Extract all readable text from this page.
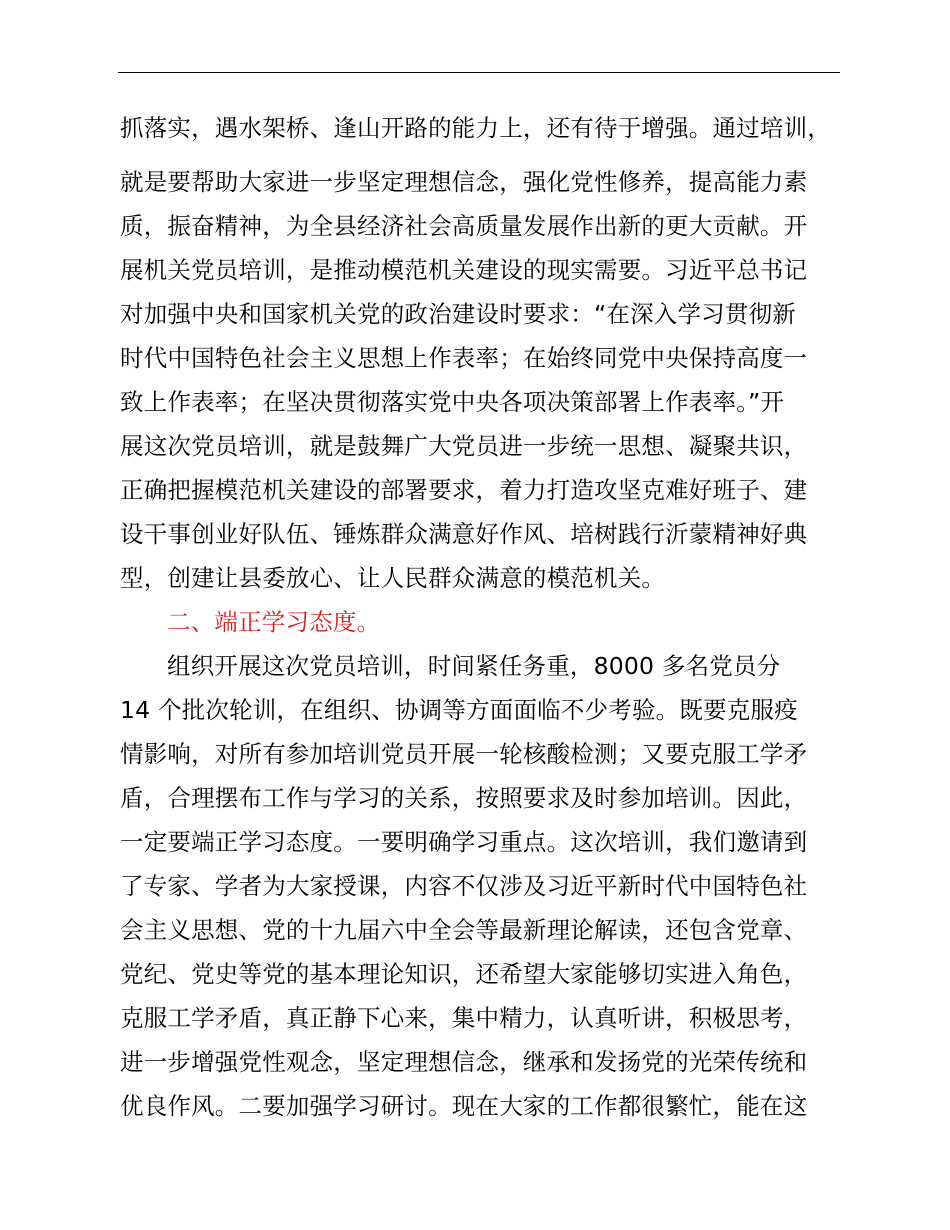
抓落实，遇水架桥、逢山开路的能力上，还有待于增强。通过培训，
就是要帮助大家进一步坚定理想信念，强化党性修养，提高能力素
质，振奋精神，为全县经济社会高质量发展作出新的更大贡献。开
展机关党员培训，是推动模范机关建设的现实需要。习近平总书记
对加强中央和国家机关党的政治建设时要求：“在深入学习贯彻新
时代中国特色社会主义思想上作表率；在始终同党中央保持高度一
致上作表率；在坚决贯彻落实党中央各项决策部署上作表率。”开
展这次党员培训，就是鼓舞广大党员进一步统一思想、凝聚共识，
正确把握模范机关建设的部署要求，着力打造攻坚克难好班子、建
设干事创业好队伍、锤炼群众满意好作风、培树践行沂蒙精神好典
型，创建让县委放心、让人民群众满意的模范机关。
二、端正学习态度。
组织开展这次党员培训，时间紧任务重，8000 多名党员分
14 个批次轮训，在组织、协调等方面面临不少考验。既要克服疫
情影响，对所有参加培训党员开展一轮核酸检测；又要克服工学矛
盾，合理摆布工作与学习的关系，按照要求及时参加培训。因此，
一定要端正学习态度。一要明确学习重点。这次培训，我们邀请到
了专家、学者为大家授课，内容不仅涉及习近平新时代中国特色社
会主义思想、党的十九届六中全会等最新理论解读，还包含党章、
党纪、党史等党的基本理论知识，还希望大家能够切实进入角色，
克服工学矛盾，真正静下心来，集中精力，认真听讲，积极思考，
进一步增强党性观念，坚定理想信念，继承和发扬党的光荣传统和
优良作风。二要加强学习研讨。现在大家的工作都很繁忙，能在这
